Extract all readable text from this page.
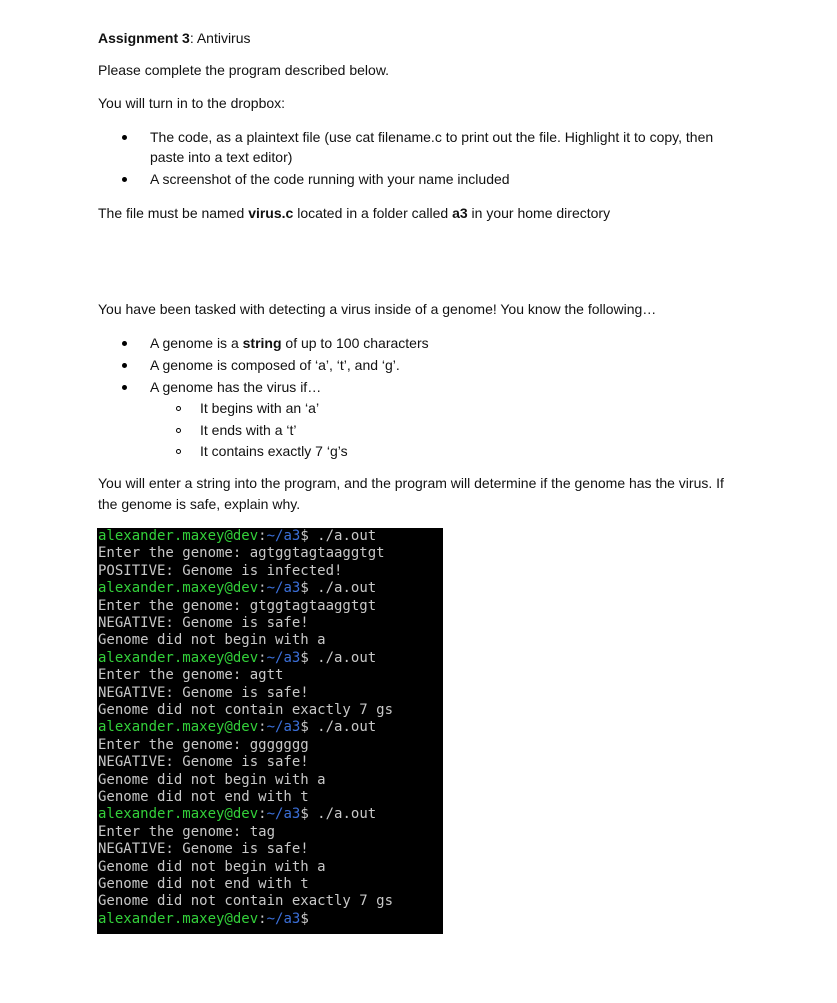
Assignment 3: Antivirus
Please complete the program described below.
You will turn in to the dropbox:
The code, as a plaintext file (use cat filename.c to print out the file. Highlight it to copy, then
paste into a text editor)
A screenshot of the code running with your name included
The file must be named virus.c located in a folder called a3 in your home directory
You have been tasked with detecting a virus inside of a genome! You know the following…
A genome is a string of up to 100 characters
A genome is composed of ‘a’, ‘t’, and ‘g’.
A genome has the virus if…
It begins with an ‘a’
It ends with a ‘t’
It contains exactly 7 ‘g’s
You will enter a string into the program, and the program will determine if the genome has the virus. If
the genome is safe, explain why.
alexander.maxey@dev:~/a3$ ./a.out
Enter the genome: agtggtagtaaggtgt
POSITIVE: Genome is infected!
alexander.maxey@dev:~/a3$ ./a.out
Enter the genome: gtggtagtaaggtgt
NEGATIVE: Genome is safe!
Genome did not begin with a
alexander.maxey@dev:~/a3$ ./a.out
Enter the genome: agtt
NEGATIVE: Genome is safe!
Genome did not contain exactly 7 gs
alexander.maxey@dev:~/a3$ ./a.out
Enter the genome: ggggggg
NEGATIVE: Genome is safe!
Genome did not begin with a
Genome did not end with t
alexander.maxey@dev:~/a3$ ./a.out
Enter the genome: tag
NEGATIVE: Genome is safe!
Genome did not begin with a
Genome did not end with t
Genome did not contain exactly 7 gs
alexander.maxey@dev:~/a3$
